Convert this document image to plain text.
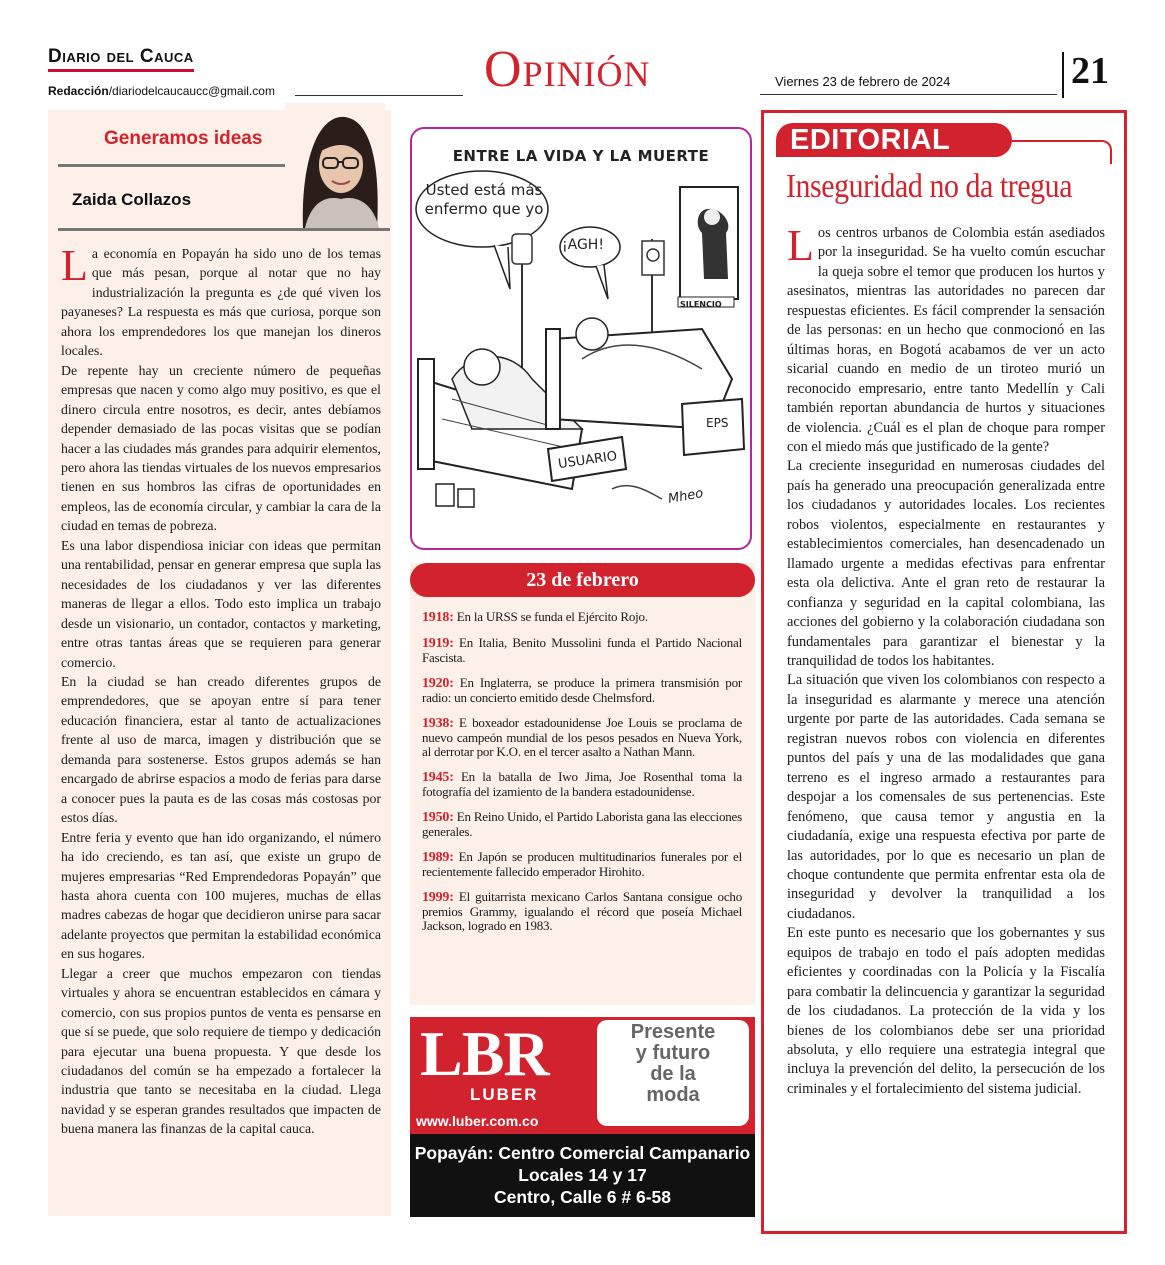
Diario del Cauca
Redacción/diariodelcaucaucc@gmail.com	Opinión	Viernes 23 de febrero de 2024	21
Generamos ideas
Zaida Collazos

La economía en Popayán ha sido uno de los temas que más pesan, porque al notar que no hay industrialización la pregunta es ¿de qué viven los payaneses? La respuesta es más que curiosa, porque son ahora los emprendedores los que manejan los dineros locales.

De repente hay un creciente número de pequeñas empresas que nacen y como algo muy positivo, es que el dinero circula entre nosotros, es decir, antes debíamos depender demasiado de las pocas visitas que se podían hacer a las ciudades más grandes para adquirir elementos, pero ahora las tiendas virtuales de los nuevos empresarios tienen en sus hombros las cifras de oportunidades en empleos, las de economía circular, y cambiar la cara de la ciudad en temas de pobreza.

Es una labor dispendiosa iniciar con ideas que permitan una rentabilidad, pensar en generar empresa que supla las necesidades de los ciudadanos y ver las diferentes maneras de llegar a ellos. Todo esto implica un trabajo desde un visionario, un contador, contactos y marketing, entre otras tantas áreas que se requieren para generar comercio.

En la ciudad se han creado diferentes grupos de emprendedores, que se apoyan entre sí para tener educación financiera, estar al tanto de actualizaciones frente al uso de marca, imagen y distribución que se demanda para sostenerse. Estos grupos además se han encargado de abrirse espacios a modo de ferias para darse a conocer pues la pauta es de las cosas más costosas por estos días.

Entre feria y evento que han ido organizando, el número ha ido creciendo, es tan así, que existe un grupo de mujeres empresarias “Red Emprendedoras Popayán” que hasta ahora cuenta con 100 mujeres, muchas de ellas madres cabezas de hogar que decidieron unirse para sacar adelante proyectos que permitan la estabilidad económica en sus hogares.

Llegar a creer que muchos empezaron con tiendas virtuales y ahora se encuentran establecidos en cámara y comercio, con sus propios puntos de venta es pensarse en que sí se puede, que solo requiere de tiempo y dedicación para ejecutar una buena propuesta. Y que desde los ciudadanos del común se ha empezado a fortalecer la industria que tanto se necesitaba en la ciudad. Llega navidad y se esperan grandes resultados que impacten de buena manera las finanzas de la capital cauca.

ENTRE LA VIDA Y LA MUERTE
Usted está más enfermo que yo
¡AGH!
SILENCIO
EPS
USUARIO
Mheo
23 de febrero
1918: En la URSS se funda el Ejército Rojo.
1919: En Italia, Benito Mussolini funda el Partido Nacional Fascista.
1920: En Inglaterra, se produce la primera transmisión por radio: un concierto emitido desde Chelmsford.
1938: E boxeador estadounidense Joe Louis se proclama de nuevo campeón mundial de los pesos pesados en Nueva York, al derrotar por K.O. en el tercer asalto a Nathan Mann.
1945: En la batalla de Iwo Jima, Joe Rosenthal toma la fotografía del izamiento de la bandera estadounidense.
1950: En Reino Unido, el Partido Laborista gana las elecciones generales.
1989: En Japón se producen multitudinarios funerales por el recientemente fallecido emperador Hirohito.
1999: El guitarrista mexicano Carlos Santana consigue ocho premios Grammy, igualando el récord que poseía Michael Jackson, logrado en 1983.
LBR
LUBER
www.luber.com.co
Presente
y futuro
de la
moda
Popayán: Centro Comercial Campanario
Locales 14 y 17
Centro, Calle 6 # 6-58
EDITORIAL
Inseguridad no da tregua

Los centros urbanos de Colombia están asediados por la inseguridad. Se ha vuelto común escuchar la queja sobre el temor que producen los hurtos y asesinatos, mientras las autoridades no parecen dar respuestas eficientes. Es fácil comprender la sensación de las personas: en un hecho que conmocionó en las últimas horas, en Bogotá acabamos de ver un acto sicarial cuando en medio de un tiroteo murió un reconocido empresario, entre tanto Medellín y Cali también reportan abundancia de hurtos y situaciones de violencia. ¿Cuál es el plan de choque para romper con el miedo más que justificado de la gente?

La creciente inseguridad en numerosas ciudades del país ha generado una preocupación generalizada entre los ciudadanos y autoridades locales. Los recientes robos violentos, especialmente en restaurantes y establecimientos comerciales, han desencadenado un llamado urgente a medidas efectivas para enfrentar esta ola delictiva. Ante el gran reto de restaurar la confianza y seguridad en la capital colombiana, las acciones del gobierno y la colaboración ciudadana son fundamentales para garantizar el bienestar y la tranquilidad de todos los habitantes.

La situación que viven los colombianos con respecto a la inseguridad es alarmante y merece una atención urgente por parte de las autoridades. Cada semana se registran nuevos robos con violencia en diferentes puntos del país y una de las modalidades que gana terreno es el ingreso armado a restaurantes para despojar a los comensales de sus pertenencias. Este fenómeno, que causa temor y angustia en la ciudadanía, exige una respuesta efectiva por parte de las autoridades, por lo que es necesario un plan de choque contundente que permita enfrentar esta ola de inseguridad y devolver la tranquilidad a los ciudadanos.

En este punto es necesario que los gobernantes y sus equipos de trabajo en todo el país adopten medidas eficientes y coordinadas con la Policía y la Fiscalía para combatir la delincuencia y garantizar la seguridad de los ciudadanos. La protección de la vida y los bienes de los colombianos debe ser una prioridad absoluta, y ello requiere una estrategia integral que incluya la prevención del delito, la persecución de los criminales y el fortalecimiento del sistema judicial.
